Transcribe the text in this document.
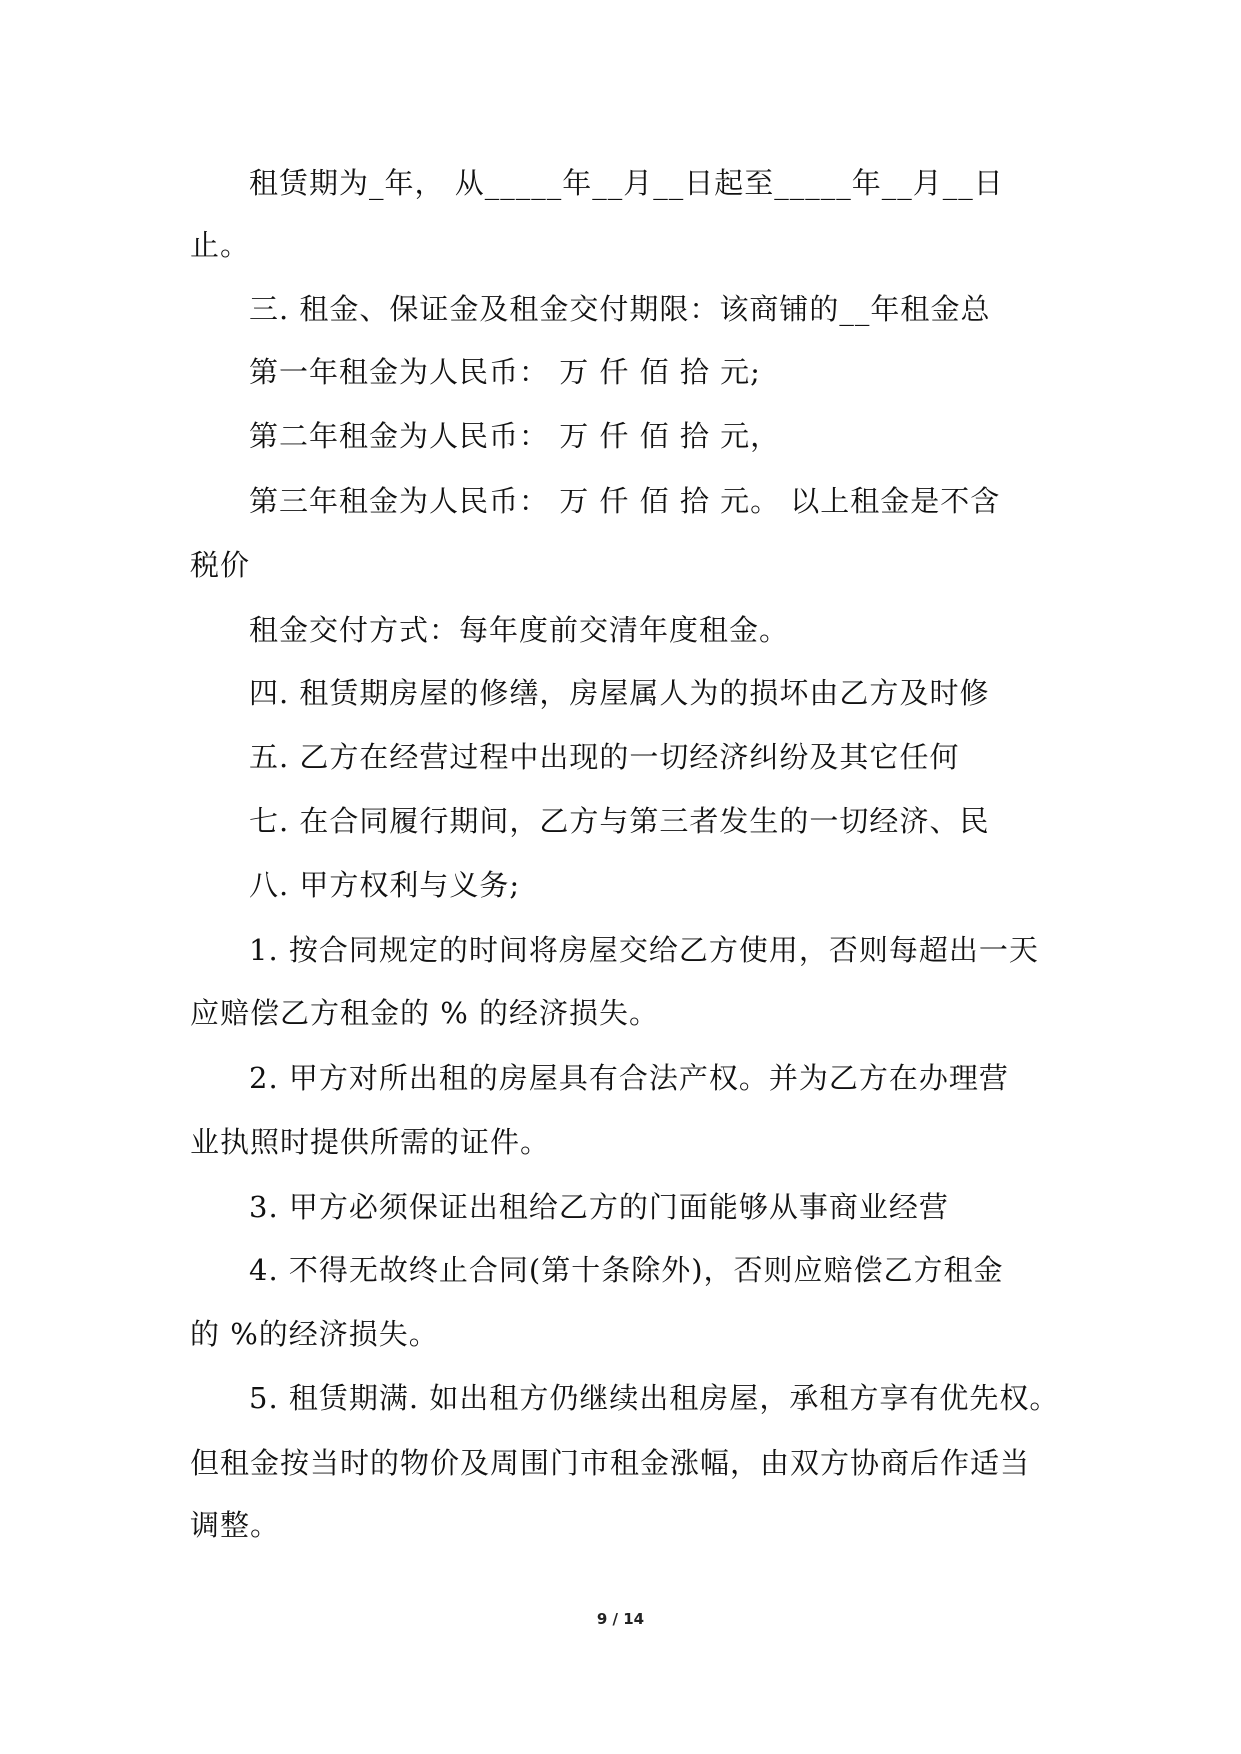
租赁期为_年， 从_____年__月__日起至_____年__月__日
止。
三. 租金、保证金及租金交付期限：该商铺的__年租金总
第一年租金为人民币： 万 仟 佰 拾 元;
第二年租金为人民币： 万 仟 佰 拾 元，
第三年租金为人民币： 万 仟 佰 拾 元。 以上租金是不含
税价
租金交付方式：每年度前交清年度租金。
四. 租赁期房屋的修缮，房屋属人为的损坏由乙方及时修
五. 乙方在经营过程中出现的一切经济纠纷及其它任何
七. 在合同履行期间，乙方与第三者发生的一切经济、民
八. 甲方权利与义务;
1. 按合同规定的时间将房屋交给乙方使用，否则每超出一天
应赔偿乙方租金的 % 的经济损失。
2. 甲方对所出租的房屋具有合法产权。并为乙方在办理营
业执照时提供所需的证件。
3. 甲方必须保证出租给乙方的门面能够从事商业经营
4. 不得无故终止合同(第十条除外)，否则应赔偿乙方租金
的 %的经济损失。
5. 租赁期满. 如出租方仍继续出租房屋，承租方享有优先权。
但租金按当时的物价及周围门市租金涨幅，由双方协商后作适当
调整。
9 / 14
